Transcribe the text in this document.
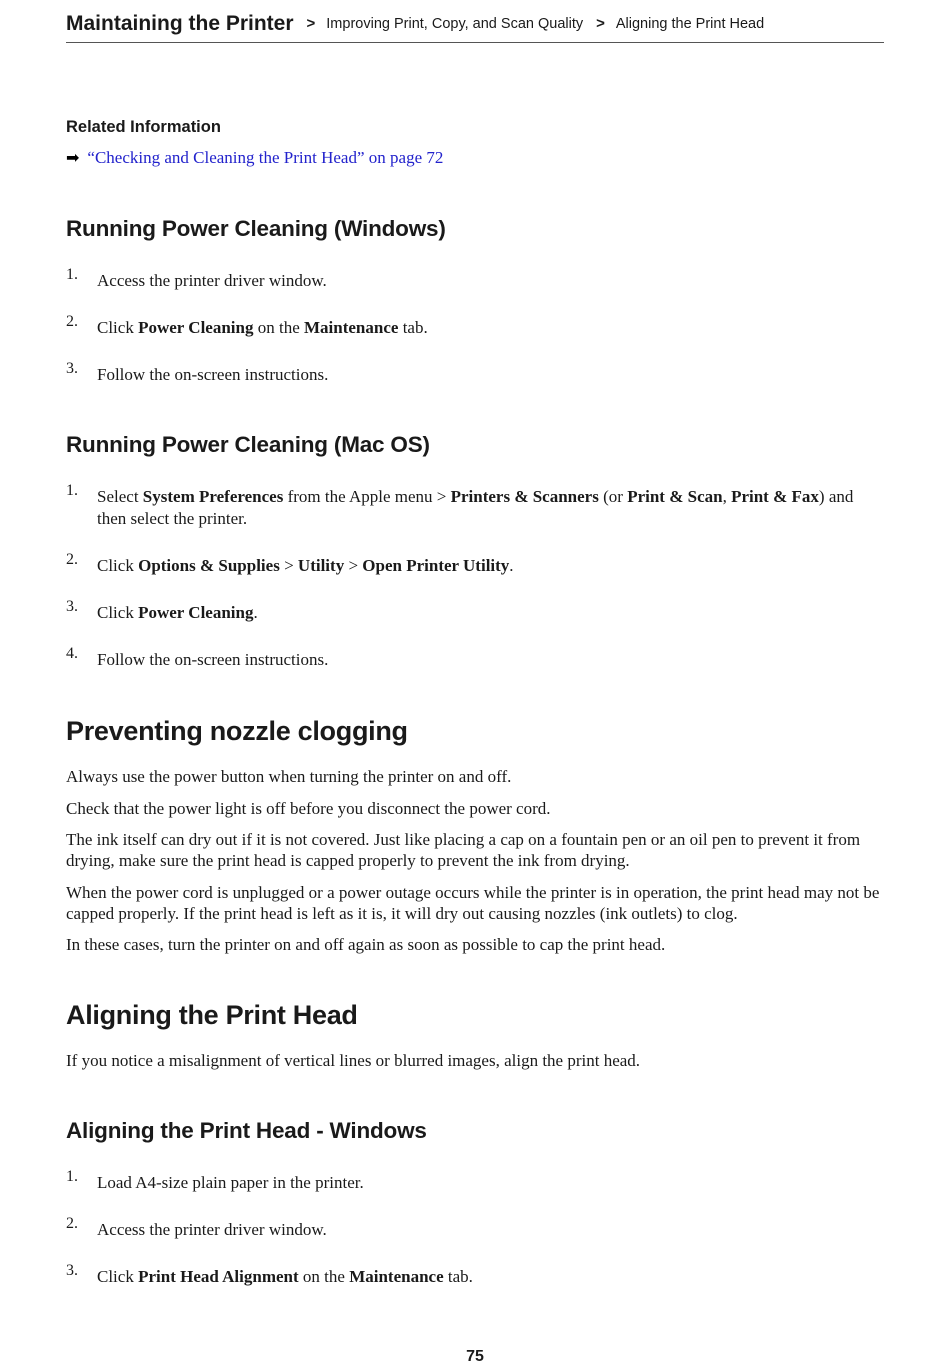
Maintaining the Printer > Improving Print, Copy, and Scan Quality > Aligning the Print Head
Related Information
➡ “Checking and Cleaning the Print Head” on page 72
Running Power Cleaning (Windows)
1. Access the printer driver window.
2. Click Power Cleaning on the Maintenance tab.
3. Follow the on-screen instructions.
Running Power Cleaning (Mac OS)
1. Select System Preferences from the Apple menu > Printers & Scanners (or Print & Scan, Print & Fax) and then select the printer.
2. Click Options & Supplies > Utility > Open Printer Utility.
3. Click Power Cleaning.
4. Follow the on-screen instructions.
Preventing nozzle clogging

Always use the power button when turning the printer on and off.

Check that the power light is off before you disconnect the power cord.

The ink itself can dry out if it is not covered. Just like placing a cap on a fountain pen or an oil pen to prevent it from drying, make sure the print head is capped properly to prevent the ink from drying.

When the power cord is unplugged or a power outage occurs while the printer is in operation, the print head may not be capped properly. If the print head is left as it is, it will dry out causing nozzles (ink outlets) to clog.

In these cases, turn the printer on and off again as soon as possible to cap the print head.

Aligning the Print Head

If you notice a misalignment of vertical lines or blurred images, align the print head.

Aligning the Print Head - Windows
1. Load A4-size plain paper in the printer.
2. Access the printer driver window.
3. Click Print Head Alignment on the Maintenance tab.
75
